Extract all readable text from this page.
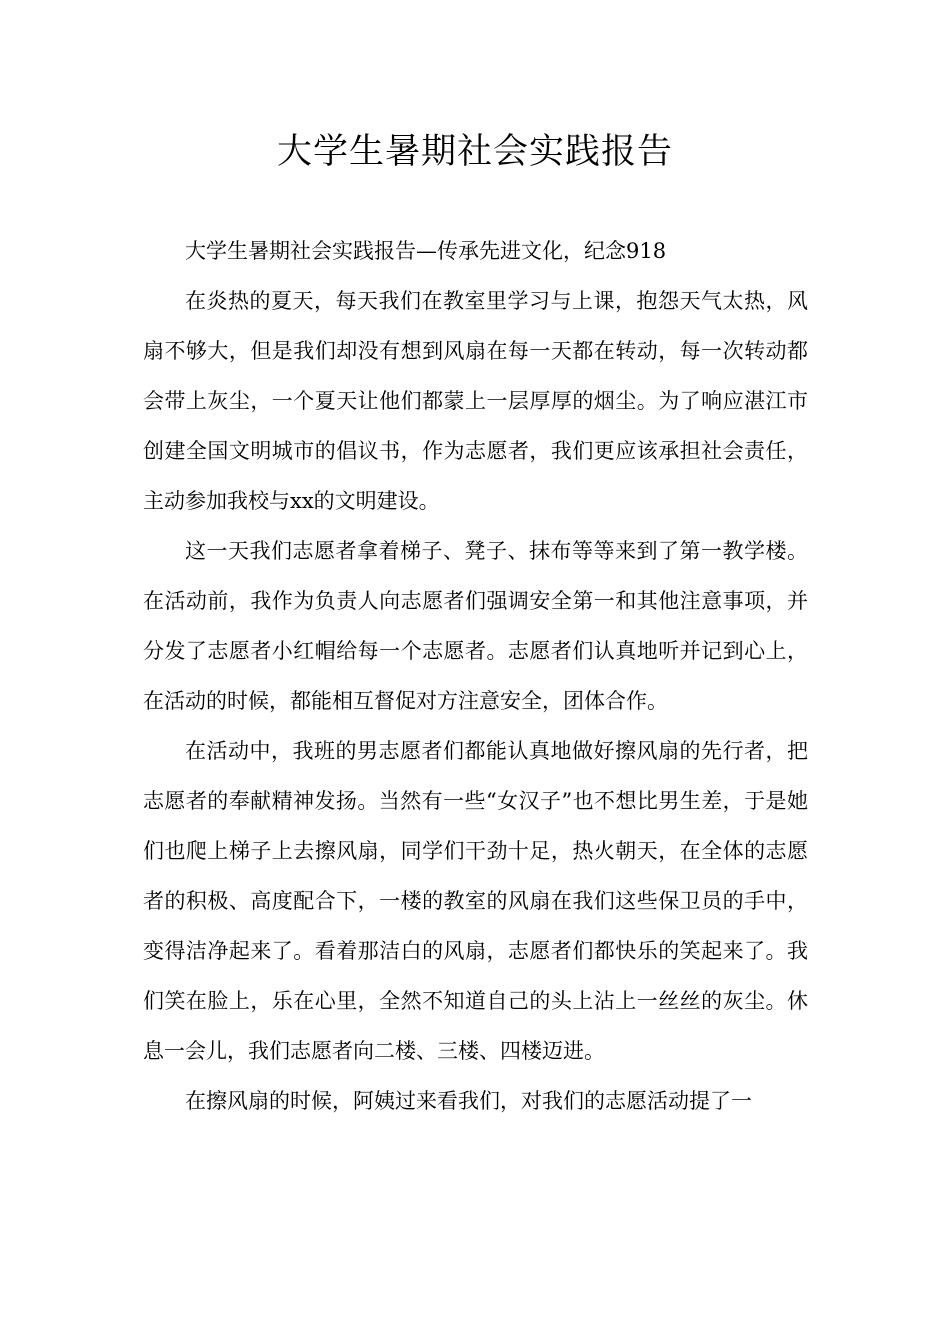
大学生暑期社会实践报告

大学生暑期社会实践报告—传承先进文化，纪念918

在炎热的夏天，每天我们在教室里学习与上课，抱怨天气太热，风扇不够大，但是我们却没有想到风扇在每一天都在转动，每一次转动都会带上灰尘，一个夏天让他们都蒙上一层厚厚的烟尘。为了响应湛江市创建全国文明城市的倡议书，作为志愿者，我们更应该承担社会责任，主动参加我校与xx的文明建设。

这一天我们志愿者拿着梯子、凳子、抹布等等来到了第一教学楼。在活动前，我作为负责人向志愿者们强调安全第一和其他注意事项，并分发了志愿者小红帽给每一个志愿者。志愿者们认真地听并记到心上，在活动的时候，都能相互督促对方注意安全，团体合作。

在活动中，我班的男志愿者们都能认真地做好擦风扇的先行者，把志愿者的奉献精神发扬。当然有一些“女汉子”也不想比男生差，于是她们也爬上梯子上去擦风扇，同学们干劲十足，热火朝天，在全体的志愿者的积极、高度配合下，一楼的教室的风扇在我们这些保卫员的手中，变得洁净起来了。看着那洁白的风扇，志愿者们都快乐的笑起来了。我们笑在脸上，乐在心里，全然不知道自己的头上沾上一丝丝的灰尘。休息一会儿，我们志愿者向二楼、三楼、四楼迈进。

在擦风扇的时候，阿姨过来看我们，对我们的志愿活动提了一
